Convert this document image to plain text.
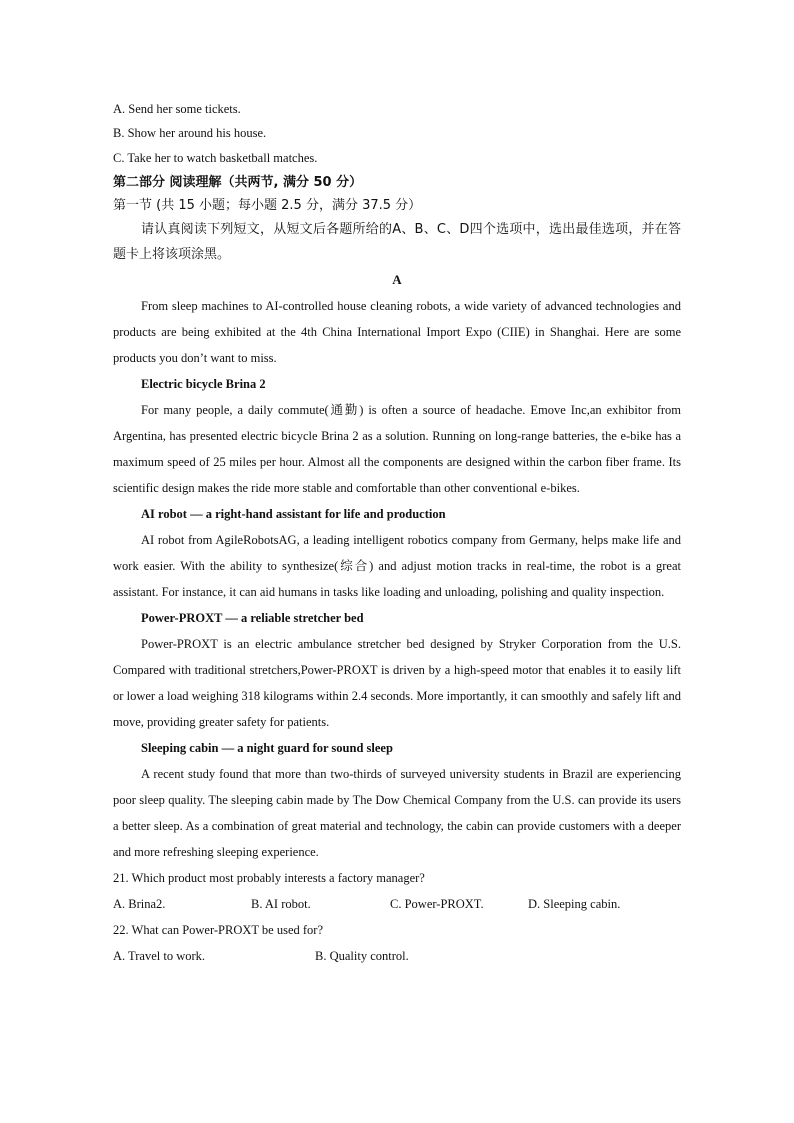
A. Send her some tickets.
B. Show her around his house.
C. Take her to watch basketball matches.
第二部分 阅读理解（共两节, 满分 50 分）
第一节 (共 15 小题；每小题 2.5 分，满分 37.5 分）

请认真阅读下列短文，从短文后各题所给的A、B、C、D四个选项中，选出最佳选项，并在答题卡上将该项涂黑。

A

From sleep machines to AI-controlled house cleaning robots, a wide variety of advanced technologies and products are being exhibited at the 4th China International Import Expo (CIIE) in Shanghai. Here are some products you don’t want to miss.

Electric bicycle Brina 2

For many people, a daily commute(通勤) is often a source of headache. Emove Inc,an exhibitor from Argentina, has presented electric bicycle Brina 2 as a solution. Running on long-range batteries, the e-bike has a maximum speed of 25 miles per hour. Almost all the components are designed within the carbon fiber frame. Its scientific design makes the ride more stable and comfortable than other conventional e-bikes.

AI robot — a right-hand assistant for life and production

AI robot from AgileRobotsAG, a leading intelligent robotics company from Germany, helps make life and work easier. With the ability to synthesize(综合) and adjust motion tracks in real-time, the robot is a great assistant. For instance, it can aid humans in tasks like loading and unloading, polishing and quality inspection.

Power-PROXT — a reliable stretcher bed

Power-PROXT is an electric ambulance stretcher bed designed by Stryker Corporation from the U.S. Compared with traditional stretchers,Power-PROXT is driven by a high-speed motor that enables it to easily lift or lower a load weighing 318 kilograms within 2.4 seconds. More importantly, it can smoothly and safely lift and move, providing greater safety for patients.

Sleeping cabin — a night guard for sound sleep

A recent study found that more than two-thirds of surveyed university students in Brazil are experiencing poor sleep quality. The sleeping cabin made by The Dow Chemical Company from the U.S. can provide its users a better sleep. As a combination of great material and technology, the cabin can provide customers with a deeper and more refreshing sleeping experience.

21. Which product most probably interests a factory manager?
A. Brina2.	B. AI robot.	C. Power-PROXT.	D. Sleeping cabin.
22. What can Power-PROXT be used for?
A. Travel to work.	B. Quality control.
